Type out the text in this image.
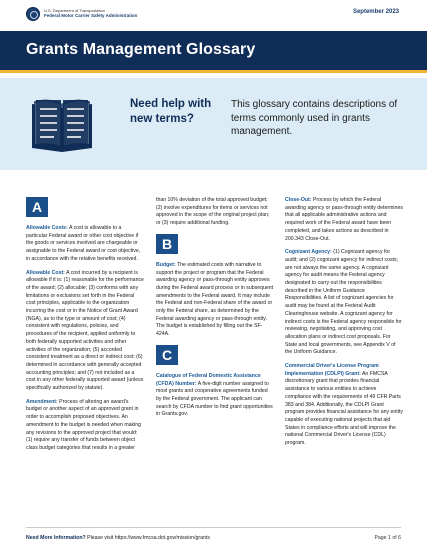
U.S. Department of Transportation
Federal Motor Carrier Safety Administration
September 2023
Grants Management Glossary
Need help with new terms?
This glossary contains descriptions of terms commonly used in grants management.
A

Allowable Costs: A cost is allowable to a particular Federal award or other cost objective if the goods or services involved are chargeable or assignable to the Federal award or cost objective, in accordance with the relative benefits received.

Allowable Cost: A cost incurred by a recipient is allowable if it is: (1) reasonable for the performance of the award; (2) allocable; (3) conforms with any limitations or exclusions set forth in the Federal cost principles, applicable to the organization incurring the cost or in the Notice of Grant Award (NGA), as to the type or amount of cost; (4) consistent with regulations, policies, and procedures of the recipient, applied uniformly to both federally supported activities and other activities of the organization; (5) accorded consistent treatment as a direct or indirect cost; (6) determined in accordance with generally accepted accounting principles; and (7) not included as a cost in any other federally supported award (unless specifically authorized by statute).

Amendment: Process of altering an award's budget or another aspect of an approved grant in order to accomplish proposed objectives. An amendment to the budget is needed when making any revisions to the approved project that would: (1) require any transfer of funds between object class budget categories that results in a greater

than 10% deviation of the total approved budget; (2) involve expenditures for items or services not approved in the scope of the original project plan; or (3) require additional funding.

B

Budget: The estimated costs with narrative to support the project or program that the Federal awarding agency or pass-through entity approves during the Federal award process or in subsequent amendments to the Federal award. It may include the Federal and non-Federal share of the award or only the Federal share, as determined by the Federal awarding agency or pass-through entity. The budget is established by filling out the SF-424A.

C

Catalogue of Federal Domestic Assistance (CFDA) Number: A five-digit number assigned to most grants and cooperative agreements funded by the Federal government. The applicant can search by CFDA number to find grant opportunities in Grants.gov.

Close-Out: Process by which the Federal awarding agency or pass-through entity determines that all applicable administrative actions and required work of the Federal award have been completed, and takes actions as described in 200.343 Close-Out.

Cognizant Agency: (1) Cognizant agency for audit; and (2) cognizant agency for indirect costs; are not always the same agency. A cognizant agency for audit means the Federal agency designated to carry out the responsibilities described in the Uniform Guidance Responsibilities. A list of cognizant agencies for audit may be found at the Federal Audit Clearinghouse website. A cognizant agency for indirect costs is the Federal agency responsible for reviewing, negotiating, and approving cost allocation plans or indirect cost proposals. For State and local governments, see Appendix V of the Uniform Guidance.

Commercial Driver's License Program Implementation (CDLPI) Grant: An FMCSA discretionary grant that provides financial assistance to various entities to achieve compliance with the requirements of 49 CFR Parts 383 and 384. Additionally, the CDLPI Grant program provides financial assistance for any entity capable of executing national projects that aid States in compliance efforts and will improve the national Commercial Driver's License (CDL) program.

Need More Information? Please visit https://www.fmcsa.dot.gov/mission/grants	Page 1 of 6
